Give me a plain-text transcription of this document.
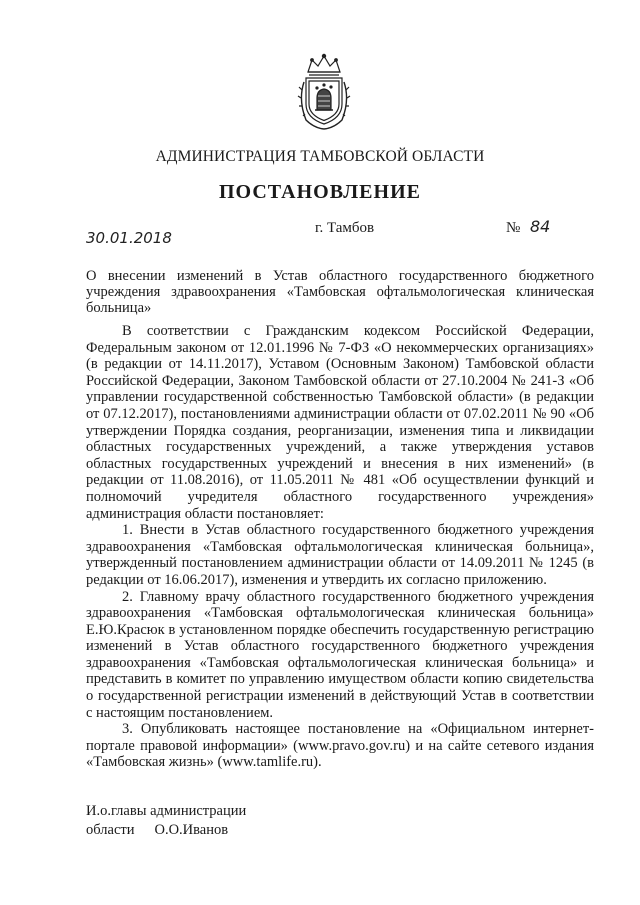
АДМИНИСТРАЦИЯ ТАМБОВСКОЙ ОБЛАСТИ
ПОСТАНОВЛЕНИЕ
30.01.2018
г. Тамбов	№ 84
О внесении изменений в Устав областного государственного бюджетного учреждения здравоохранения «Тамбовская офтальмологическая клиническая больница»

В соответствии с Гражданским кодексом Российской Федерации, Федеральным законом от 12.01.1996 № 7-ФЗ «О некоммерческих организациях» (в редакции от 14.11.2017), Уставом (Основным Законом) Тамбовской области Российской Федерации, Законом Тамбовской области от 27.10.2004 № 241-З «Об управлении государственной собственностью Тамбовской области» (в редакции от 07.12.2017), постановлениями администрации области от 07.02.2011 № 90 «Об утверждении Порядка создания, реорганизации, изменения типа и ликвидации областных государственных учреждений, а также утверждения уставов областных государственных учреждений и внесения в них изменений» (в редакции от 11.08.2016), от 11.05.2011 № 481 «Об осуществлении функций и полномочий учредителя областного государственного учреждения» администрация области постановляет:

1. Внести в Устав областного государственного бюджетного учреждения здравоохранения «Тамбовская офтальмологическая клиническая больница», утвержденный постановлением администрации области от 14.09.2011 № 1245 (в редакции от 16.06.2017), изменения и утвердить их согласно приложению.

2. Главному врачу областного государственного бюджетного учреждения здравоохранения «Тамбовская офтальмологическая клиническая больница» Е.Ю.Красюк в установленном порядке обеспечить государственную регистрацию изменений в Устав областного государственного бюджетного учреждения здравоохранения «Тамбовская офтальмологическая клиническая больница» и представить в комитет по управлению имуществом области копию свидетельства о государственной регистрации изменений в действующий Устав в соответствии с настоящим постановлением.

3. Опубликовать настоящее постановление на «Официальном интернет-портале правовой информации» (www.pravo.gov.ru) и на сайте сетевого издания «Тамбовская жизнь» (www.tamlife.ru).

И.о.главы администрации
области О.О.Иванов
